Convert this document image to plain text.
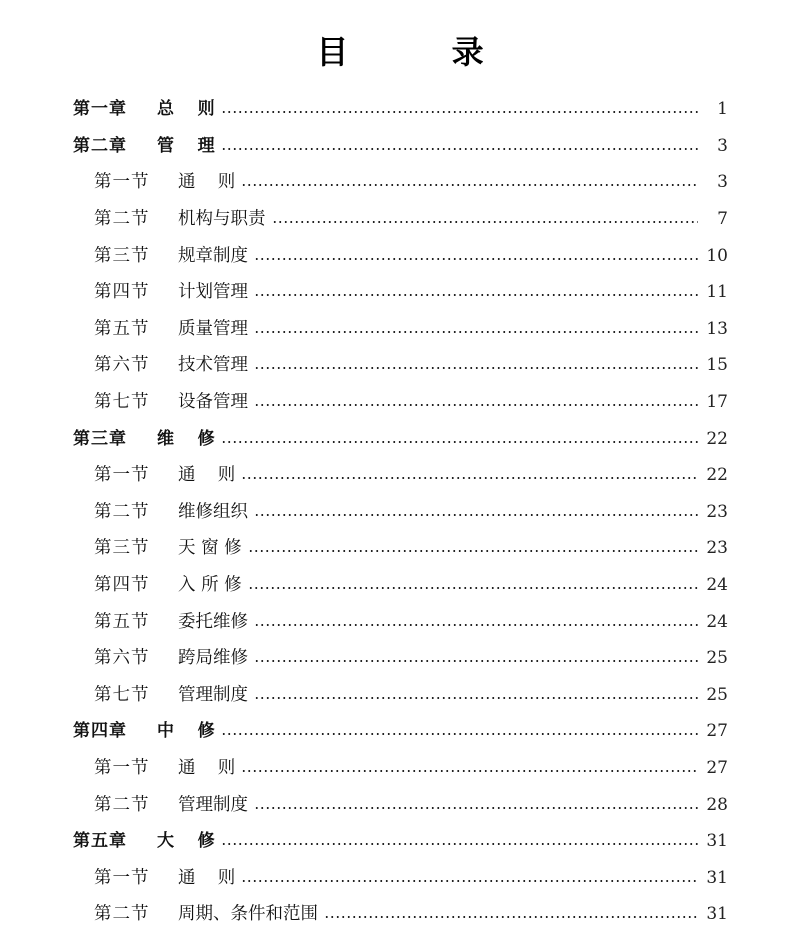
目 录
第一章	总    则	1
第二章	管    理	3
第一节	通    则	3
第二节	机构与职责	7
第三节	规章制度	10
第四节	计划管理	11
第五节	质量管理	13
第六节	技术管理	15
第七节	设备管理	17
第三章	维    修	22
第一节	通    则	22
第二节	维修组织	23
第三节	天 窗 修	23
第四节	入 所 修	24
第五节	委托维修	24
第六节	跨局维修	25
第七节	管理制度	25
第四章	中    修	27
第一节	通    则	27
第二节	管理制度	28
第五章	大    修	31
第一节	通    则	31
第二节	周期、条件和范围	31
